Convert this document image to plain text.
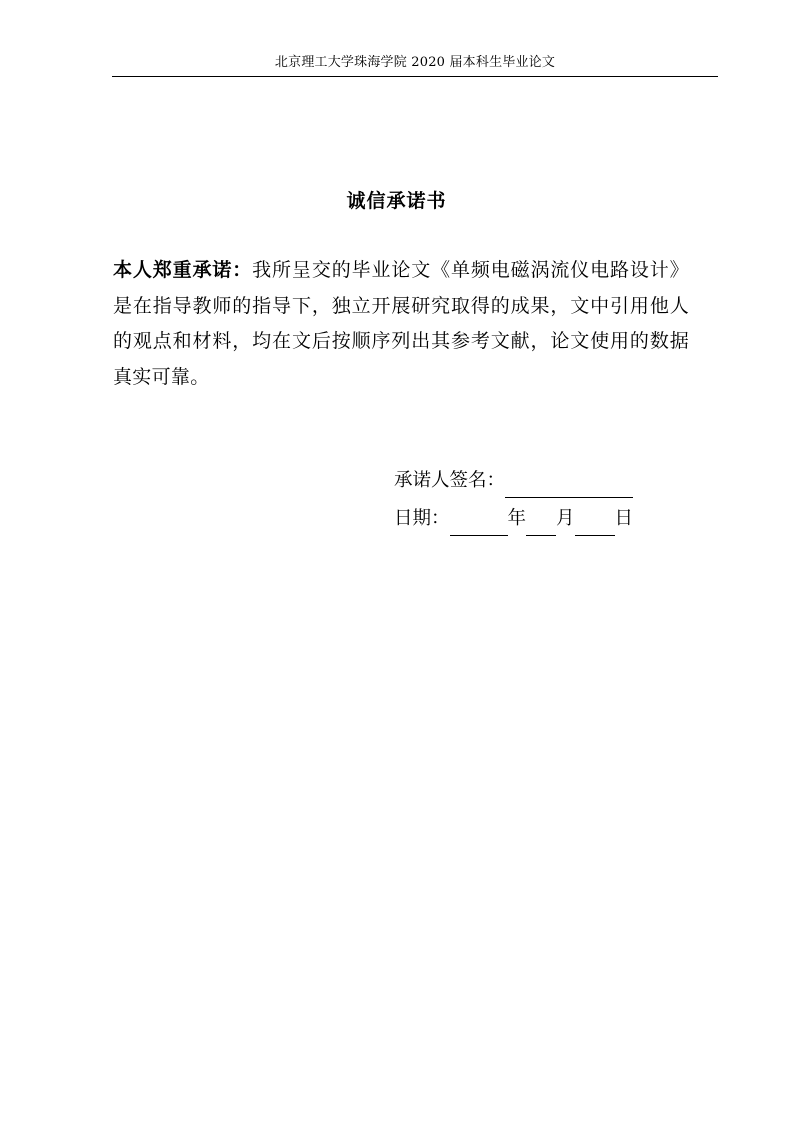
北京理工大学珠海学院 2020 届本科生毕业论文
诚信承诺书
本人郑重承诺：我所呈交的毕业论文《单频电磁涡流仪电路设计》是在指导教师的指导下，独立开展研究取得的成果，文中引用他人的观点和材料，均在文后按顺序列出其参考文献，论文使用的数据真实可靠。
承诺人签名：
日期：	年 月 日
